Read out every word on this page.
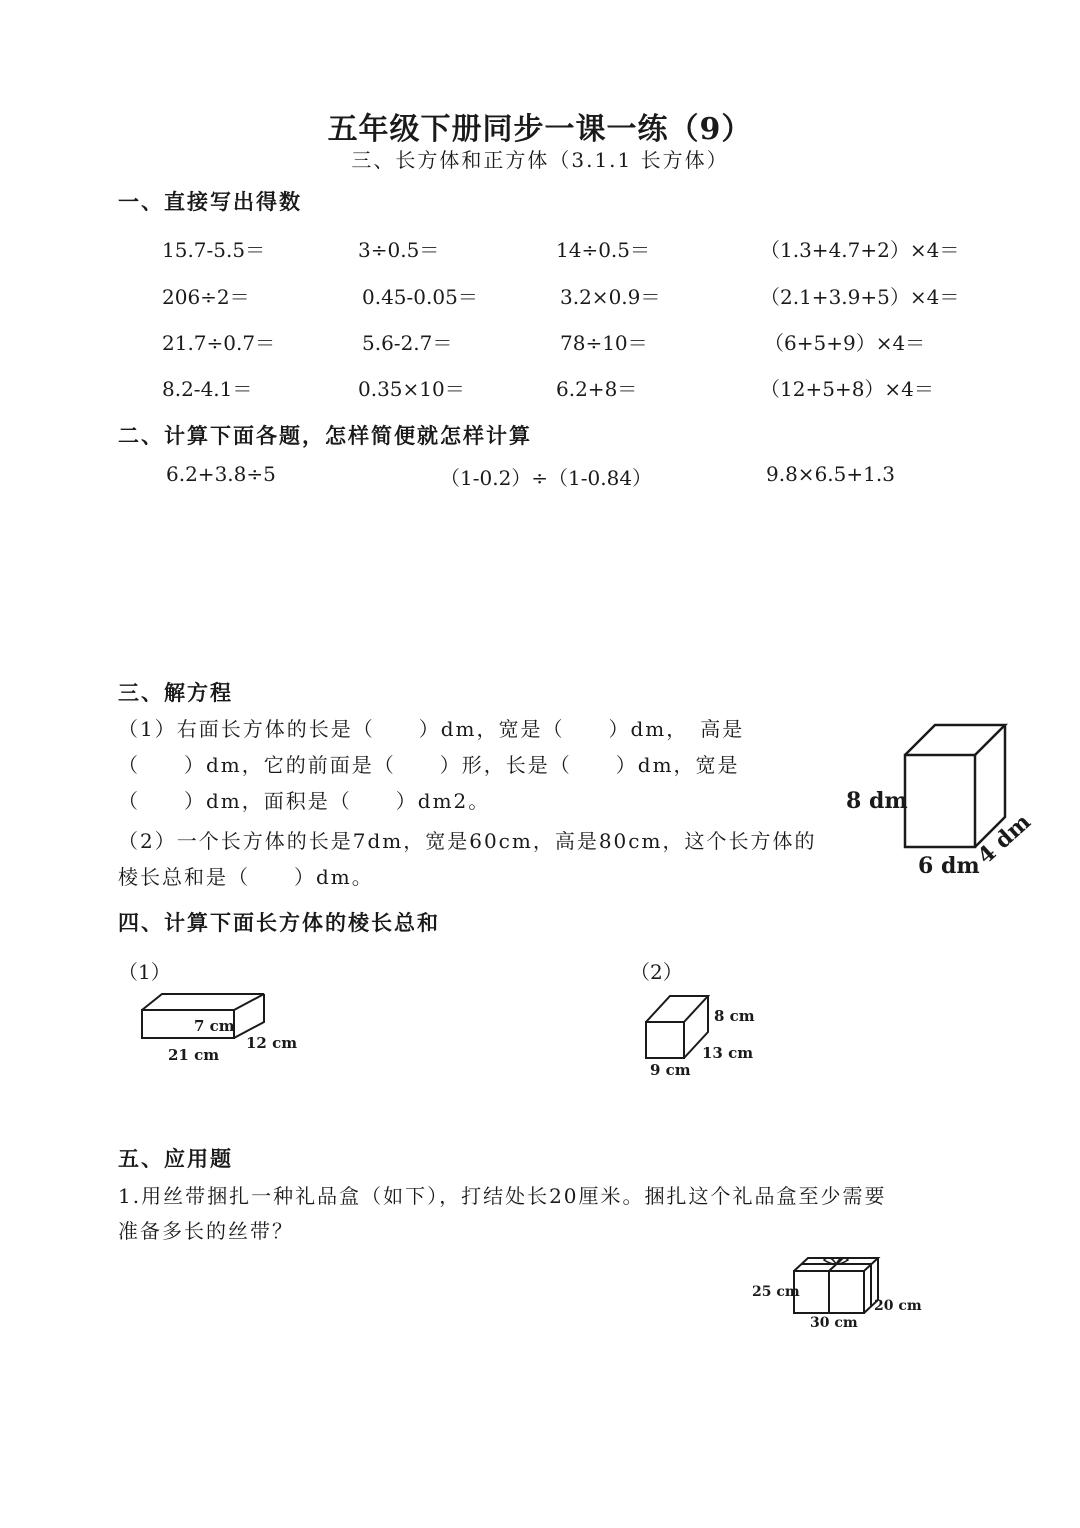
五年级下册同步一课一练（9）
三、长方体和正方体（3.1.1 长方体）
一、直接写出得数
15.7-5.5＝	3÷0.5＝	14÷0.5＝	（1.3+4.7+2）×4＝
206÷2＝	0.45-0.05＝	3.2×0.9＝	（2.1+3.9+5）×4＝
21.7÷0.7＝	5.6-2.7＝	78÷10＝	（6+5+9）×4＝
8.2-4.1＝	0.35×10＝	6.2+8＝	（12+5+8）×4＝
二、计算下面各题，怎样简便就怎样计算
6.2+3.8÷5	（1-0.2）÷（1-0.84）	9.8×6.5+1.3
三、解方程
（1）右面长方体的长是（　　）dm，宽是（　　）dm，　高是
（　　）dm，它的前面是（　　）形，长是（　　）dm，宽是
（　　）dm，面积是（　　）dm2。
（2）一个长方体的长是7dm，宽是60cm，高是80cm，这个长方体的
棱长总和是（　　）dm。
8 dm
6 dm
4 dm
四、计算下面长方体的棱长总和
（1）	（2）
7 cm
21 cm
12 cm
8 cm
13 cm
9 cm
五、应用题
1.用丝带捆扎一种礼品盒（如下），打结处长20厘米。捆扎这个礼品盒至少需要
准备多长的丝带？
25 cm
20 cm
30 cm
